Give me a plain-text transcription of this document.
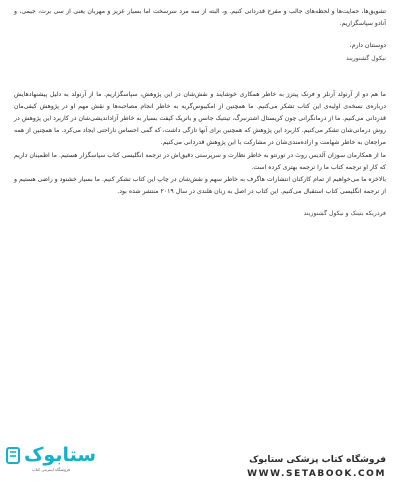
تشویق‌ها، حمایت‌ها و لحظه‌های جالب و مفرح قدردانی کنیم. و، البته از سه مرد سرسخت اما بسیار عزیز و مهربان یعنی از سی برت، جیمی، و آنادو سپاسگزاریم.

دوستتان دارم،

نیکول گشنوریند

ما هم دو از آرنولد آرنلز و فرنک پیترز به خاطر همکاری خوشایند و نقش‌شان در این پژوهش، سپاسگزاریم. ما از آرنولد به دلیل پیشنهادهایش درباره‌ی نسخه‌ی اولیه‌ی این کتاب تشکر می‌کنیم. ما همچنین از امکیبوس‌گریه به خاطر انجام مصاحبه‌ها و نقش مهم او در پژوهش کیفی‌مان قدردانی می‌کنیم. ما از درمانگرانی چون کریستال اشترنبرگ، تینتیک جانس و باتریک کیفت بسیار به خاطر آزاداندیشی‌شان در کاربرد این پژوهش در روش درمانی‌شان تشکر می‌کنیم. کاربرد این پژوهش که همچنین برای آنها تازگی داشت، که گمی احساس ناراحتی ایجاد می‌کرد. ما همچنین از همه مراجعان به خاطر شهامت و اراده‌مندی‌شان در مشارکت با این پژوهش قدردانی می‌کنیم.

ما از همکارمان سوزان آلدیس روث در تورنتو به خاطر نظارت و سرپرستی دقیق‌اش در ترجمه انگلیسی کتاب سپاسگزار هستیم. ما اطمینان داریم که کار او ترجمه کتاب ما را ترجمه بهتری کرده است.

بالاخره ما می‌خواهیم از تمام کارکنان انتشارات هاگرف به خاطر سهم و نقش‌شان در چاپ این کتاب تشکر کنیم. ما بسیار خشنود و راضی هستیم و از ترجمه انگلیسی کتاب استقبال می‌کنیم. این کتاب در اصل به زبان هلندی در سال ۲۰۱۹ منتشر شده بود.

فردریکه بتینک و نیکول گشنوریند

ستابوک
فروشگاه اینترنتی کتاب
فروشگاه کتاب پزشکی ستابوک
WWW.SETABOOK.COM
